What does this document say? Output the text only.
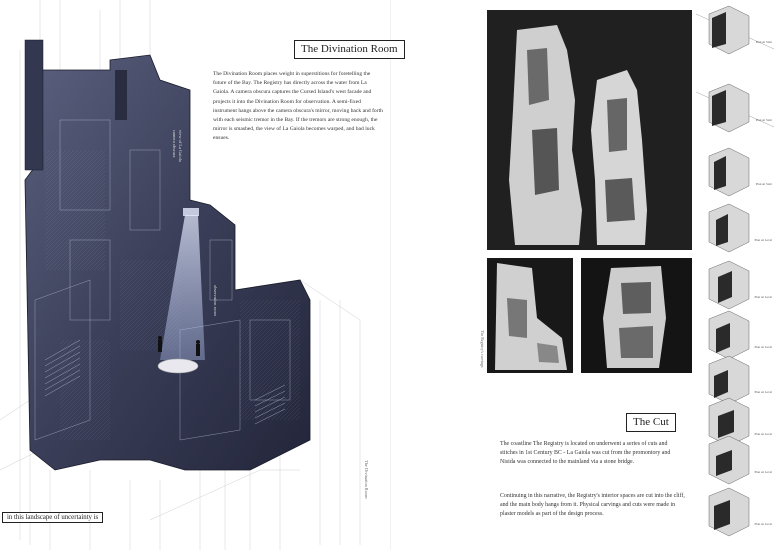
The Divination Room

The Divination Room places weight in superstitions for foretelling the future of the Bay. The Registry has directly across the water from La Gaiola. A camera obscura captures the Cursed Island's west facade and projects it into the Divination Room for observation. A semi-fixed instrument hangs above the camera obscura's mirror, moving back and forth with each seismic tremor in the Bay. If the tremors are strong enough, the mirror is smashed, the view of La Gaiola becomes warped, and bad luck ensues.

camera obscura view of La Gaiola
observation room
The Divination Room
in this landscape of uncertainty is
The Registry's carvings
The Cut

The coastline The Registry is located on underwent a series of cuts and stitches in 1st Century BC - La Gaiola was cut from the promontory and Nisida was connected to the mainland via a stone bridge.

Continuing in this narrative, the Registry's interior spaces are cut into the cliff, and the main body hangs from it. Physical carvings and cuts were made in plaster models as part of the design process.

Plan At Stair
Plan At Stair
Plan At Stair
Plan At Level
Plan At Level
Plan At Level
Plan At Level
Plan At Level
Plan At Level
Plan At Level
